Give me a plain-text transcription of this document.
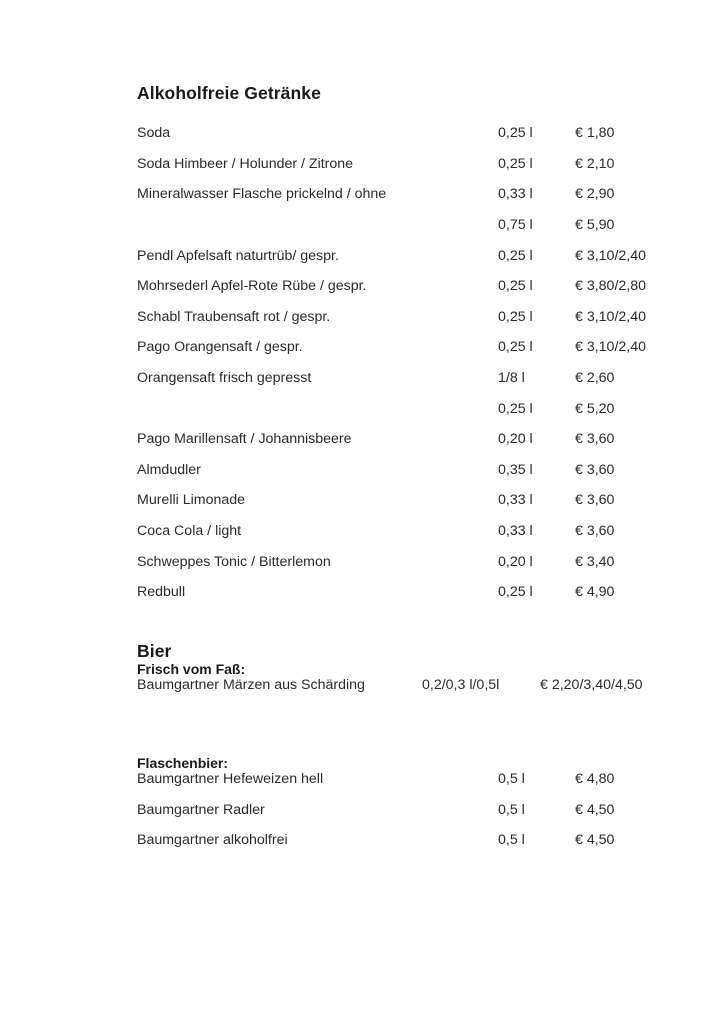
Alkoholfreie Getränke
Soda	0,25 l	€ 1,80
Soda Himbeer / Holunder / Zitrone	0,25 l	€ 2,10
Mineralwasser Flasche prickelnd / ohne	0,33 l	€ 2,90
0,75 l	€ 5,90
Pendl Apfelsaft naturtrüb/ gespr.	0,25 l	€ 3,10/2,40
Mohrsederl Apfel-Rote Rübe / gespr.	0,25 l	€ 3,80/2,80
Schabl Traubensaft rot / gespr.	0,25 l	€ 3,10/2,40
Pago Orangensaft / gespr.	0,25 l	€ 3,10/2,40
Orangensaft frisch gepresst	1/8 l	€ 2,60
0,25 l	€ 5,20
Pago Marillensaft / Johannisbeere	0,20 l	€ 3,60
Almdudler	0,35 l	€ 3,60
Murelli Limonade	0,33 l	€ 3,60
Coca Cola / light	0,33 l	€ 3,60
Schweppes Tonic / Bitterlemon	0,20 l	€ 3,40
Redbull	0,25 l	€ 4,90
Bier
Frisch vom Faß:
Baumgartner Märzen aus Schärding	0,2/0,3 l/0,5l	€ 2,20/3,40/4,50
Flaschenbier:
Baumgartner Hefeweizen hell	0,5 l	€ 4,80
Baumgartner Radler	0,5 l	€ 4,50
Baumgartner alkoholfrei	0,5 l	€ 4,50
